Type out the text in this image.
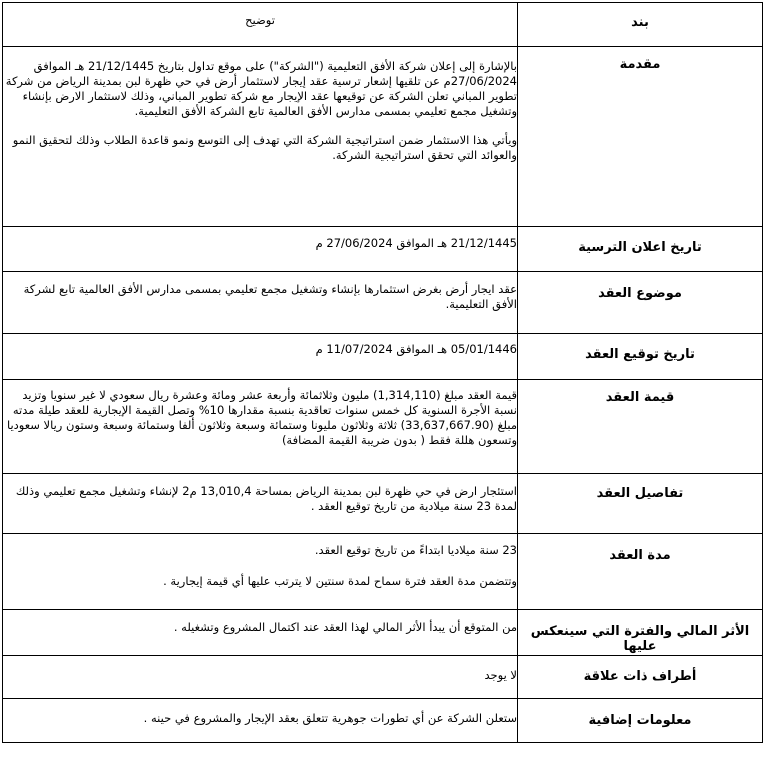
بند	توضيح
مقدمة	بالإشارة إلى إعلان شركة الأفق التعليمية ("الشركة") على موقع تداول بتاريخ 21/12/1445 هـ الموافق 27/06/2024م عن تلقيها إشعار ترسية عقد إيجار لاستثمار أرض في حي ظهرة لبن بمدينة الرياض من شركة تطوير المباني تعلن الشركة عن توقيعها عقد الإيجار مع شركة تطوير المباني، وذلك لاستثمار الارض بإنشاء وتشغيل مجمع تعليمي بمسمى مدارس الأفق العالمية تابع الشركة الأفق التعليمية.

ويأتي هذا الاستثمار ضمن استراتيجية الشركة التي تهدف إلى التوسع ونمو قاعدة الطلاب وذلك لتحقيق النمو والعوائد التي تحقق استراتيجية الشركة.

تاريخ اعلان الترسية	21/12/1445 هـ الموافق 27/06/2024 م

موضوع العقد	عقد ايجار أرض بغرض استثمارها بإنشاء وتشغيل مجمع تعليمي بمسمى مدارس الأفق العالمية تابع لشركة الأفق التعليمية.

تاريخ توقيع العقد	05/01/1446 هـ الموافق 11/07/2024 م

قيمة العقد	قيمة العقد مبلغ (1,314,110) مليون وثلاثمائة وأربعة عشر ومائة وعشرة ريال سعودي لا غير سنويا وتزيد نسبة الأجرة السنوية كل خمس سنوات تعاقدية بنسبة مقدارها 10% وتصل القيمة الإيجارية للعقد طيلة مدته مبلغ (33,637,667.90) ثلاثة وثلاثون مليونا وستمائة وسبعة وثلاثون ألفا وستمائة وسبعة وستون ريالا سعوديا وتسعون هللة فقط ( بدون ضريبة القيمة المضافة)

تفاصيل العقد	استئجار ارض في حي ظهرة لبن بمدينة الرياض بمساحة 13,010,4 م2 لإنشاء وتشغيل مجمع تعليمي وذلك لمدة 23 سنة ميلادية من تاريخ توقيع العقد .

مدة العقد	23 سنة ميلاديا ابتداءً من تاريخ توقيع العقد.

وتتضمن مدة العقد فترة سماح لمدة سنتين لا يترتب عليها أي قيمة إيجارية .

الأثر المالي والفترة التي سينعكس عليها	من المتوقع أن يبدأ الأثر المالي لهذا العقد عند اكتمال المشروع وتشغيله .

أطراف ذات علاقة	لا يوجد

معلومات إضافية	ستعلن الشركة عن أي تطورات جوهرية تتعلق بعقد الإيجار والمشروع في حينه .
